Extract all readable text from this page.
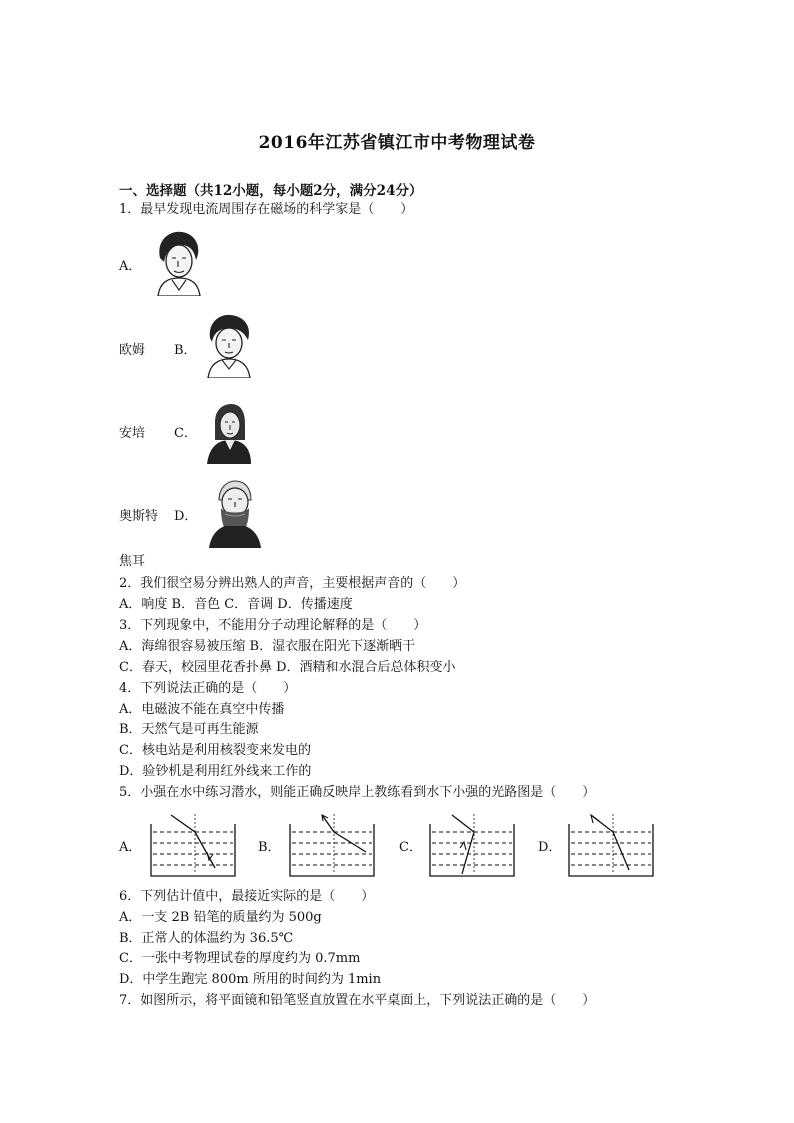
2016年江苏省镇江市中考物理试卷
一、选择题（共12小题，每小题2分，满分24分）
1．最早发现电流周围存在磁场的科学家是（　　）
A．
欧姆 B．
安培 C．
奥斯特 D．
焦耳
2．我们很空易分辨出熟人的声音，主要根据声音的（　　）
A．响度 B．音色 C．音调 D．传播速度
3．下列现象中，不能用分子动理论解释的是（　　）
A．海绵很容易被压缩 B．湿衣服在阳光下逐渐晒干
C．春天，校园里花香扑鼻 D．酒精和水混合后总体积变小
4．下列说法正确的是（　　）
A．电磁波不能在真空中传播
B．天然气是可再生能源
C．核电站是利用核裂变来发电的
D．验钞机是利用红外线来工作的
5．小强在水中练习潜水，则能正确反映岸上教练看到水下小强的光路图是（　　）
A．	B．	C．	D．
6．下列估计值中，最接近实际的是（　　）
A．一支 2B 铅笔的质量约为 500g
B．正常人的体温约为 36.5℃
C．一张中考物理试卷的厚度约为 0.7mm
D．中学生跑完 800m 所用的时间约为 1min
7．如图所示，将平面镜和铅笔竖直放置在水平桌面上，下列说法正确的是（　　）
